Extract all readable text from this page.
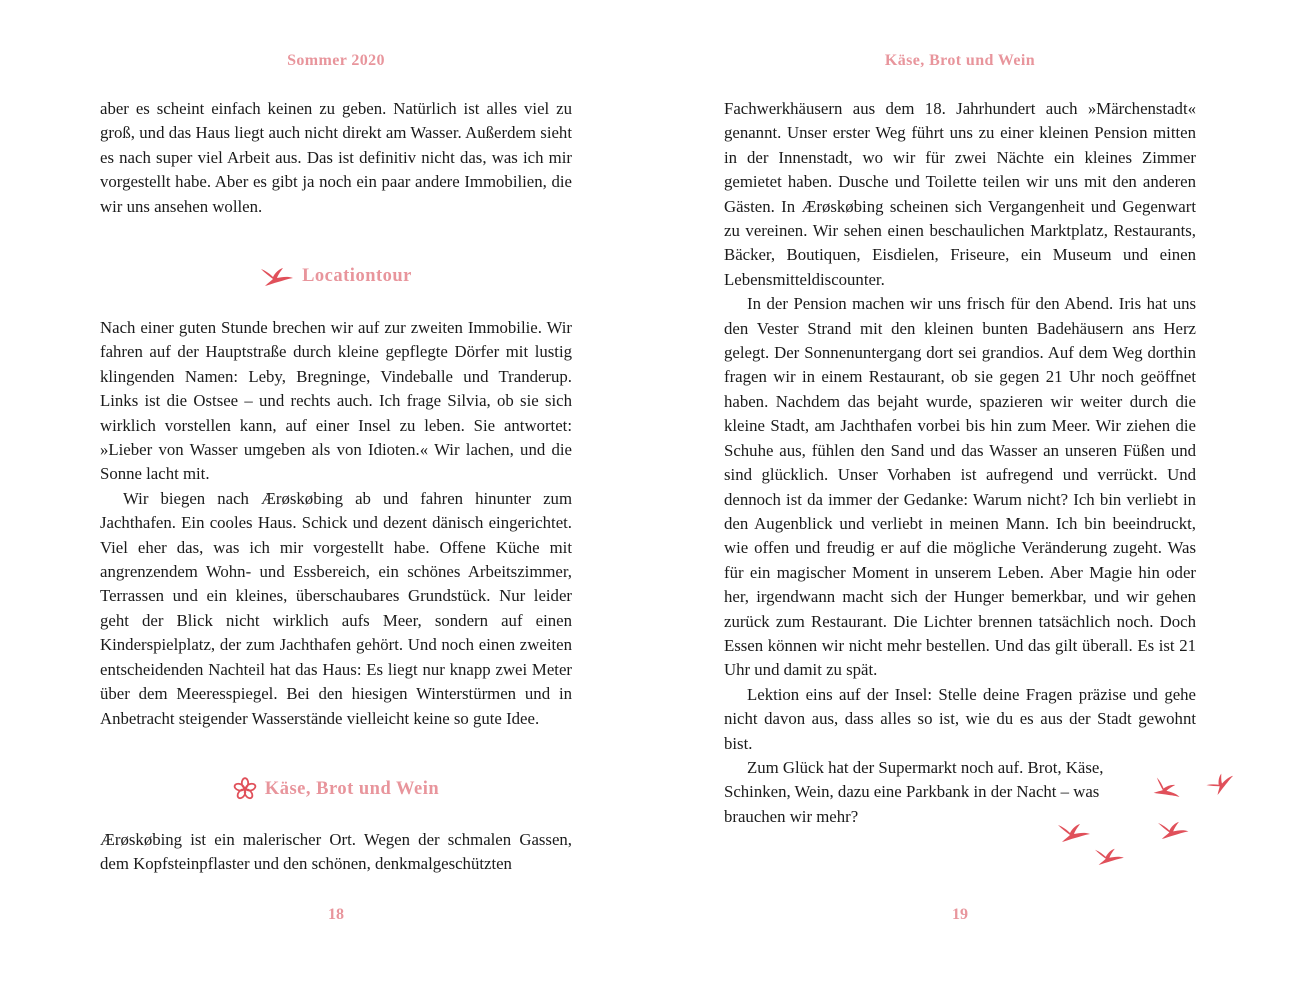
Sommer 2020

aber es scheint einfach keinen zu geben. Natürlich ist alles viel zu groß, und das Haus liegt auch nicht direkt am Wasser. Außerdem sieht es nach super viel Arbeit aus. Das ist definitiv nicht das, was ich mir vorgestellt habe. Aber es gibt ja noch ein paar andere Immobilien, die wir uns ansehen wollen.

Locationtour

Nach einer guten Stunde brechen wir auf zur zweiten Immobilie. Wir fahren auf der Hauptstraße durch kleine gepflegte Dörfer mit lustig klingenden Namen: Leby, Bregninge, Vindeballe und Tranderup. Links ist die Ostsee – und rechts auch. Ich frage Silvia, ob sie sich wirklich vorstellen kann, auf einer Insel zu leben. Sie antwortet: »Lieber von Wasser umgeben als von Idioten.« Wir lachen, und die Sonne lacht mit.

Wir biegen nach Ærøskøbing ab und fahren hinunter zum Jachthafen. Ein cooles Haus. Schick und dezent dänisch eingerichtet. Viel eher das, was ich mir vorgestellt habe. Offene Küche mit angrenzendem Wohn- und Essbereich, ein schönes Arbeitszimmer, Terrassen und ein kleines, überschaubares Grundstück. Nur leider geht der Blick nicht wirklich aufs Meer, sondern auf einen Kinderspielplatz, der zum Jachthafen gehört. Und noch einen zweiten entscheidenden Nachteil hat das Haus: Es liegt nur knapp zwei Meter über dem Meeresspiegel. Bei den hiesigen Winterstürmen und in Anbetracht steigender Wasserstände vielleicht keine so gute Idee.

Käse, Brot und Wein

Ærøskøbing ist ein malerischer Ort. Wegen der schmalen Gassen, dem Kopfsteinpflaster und den schönen, denkmalgeschützten

18
Käse, Brot und Wein

Fachwerkhäusern aus dem 18. Jahrhundert auch »Märchenstadt« genannt. Unser erster Weg führt uns zu einer kleinen Pension mitten in der Innenstadt, wo wir für zwei Nächte ein kleines Zimmer gemietet haben. Dusche und Toilette teilen wir uns mit den anderen Gästen. In Ærøskøbing scheinen sich Vergangenheit und Gegenwart zu vereinen. Wir sehen einen beschaulichen Marktplatz, Restaurants, Bäcker, Boutiquen, Eisdielen, Friseure, ein Museum und einen Lebensmitteldiscounter.

In der Pension machen wir uns frisch für den Abend. Iris hat uns den Vester Strand mit den kleinen bunten Badehäusern ans Herz gelegt. Der Sonnenuntergang dort sei grandios. Auf dem Weg dorthin fragen wir in einem Restaurant, ob sie gegen 21 Uhr noch geöffnet haben. Nachdem das bejaht wurde, spazieren wir weiter durch die kleine Stadt, am Jachthafen vorbei bis hin zum Meer. Wir ziehen die Schuhe aus, fühlen den Sand und das Wasser an unseren Füßen und sind glücklich. Unser Vorhaben ist aufregend und verrückt. Und dennoch ist da immer der Gedanke: Warum nicht? Ich bin verliebt in den Augenblick und verliebt in meinen Mann. Ich bin beeindruckt, wie offen und freudig er auf die mögliche Veränderung zugeht. Was für ein magischer Moment in unserem Leben. Aber Magie hin oder her, irgendwann macht sich der Hunger bemerkbar, und wir gehen zurück zum Restaurant. Die Lichter brennen tatsächlich noch. Doch Essen können wir nicht mehr bestellen. Und das gilt überall. Es ist 21 Uhr und damit zu spät.

Lektion eins auf der Insel: Stelle deine Fragen präzise und gehe nicht davon aus, dass alles so ist, wie du es aus der Stadt gewohnt bist.

Zum Glück hat der Supermarkt noch auf. Brot, Käse, Schinken, Wein, dazu eine Parkbank in der Nacht – was brauchen wir mehr?

19
